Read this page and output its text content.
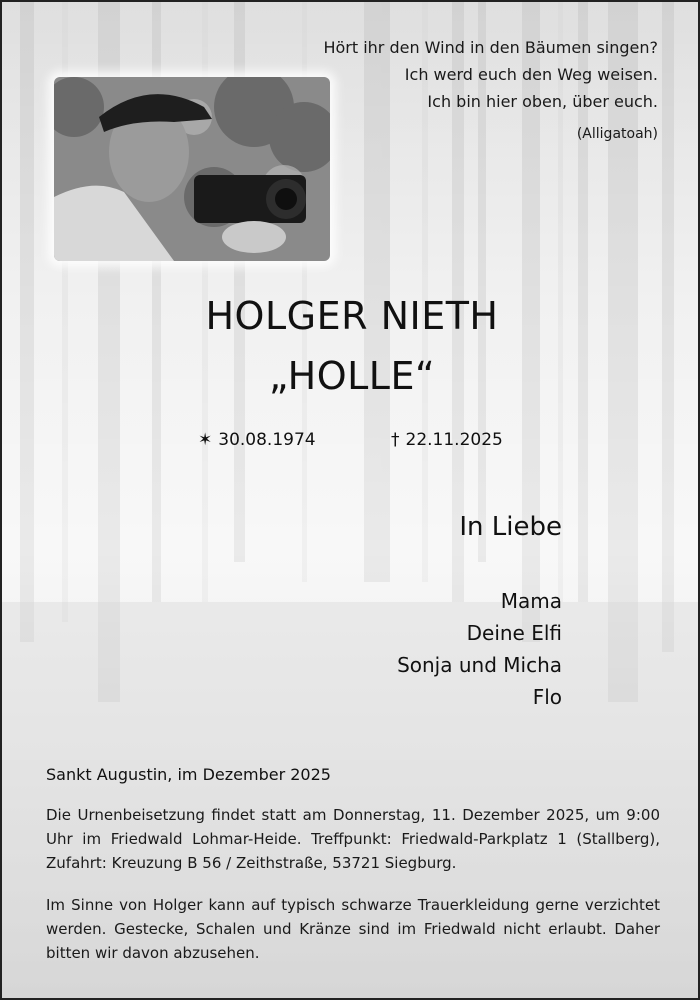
Hört ihr den Wind in den Bäumen singen?
Ich werd euch den Weg weisen.
Ich bin hier oben, über euch.
(Alligatoah)
HOLGER NIETH
„HOLLE“
✶ 30.08.1974	† 22.11.2025
In Liebe
Mama
Deine Elfi
Sonja und Micha
Flo
Sankt Augustin, im Dezember 2025
Die Urnenbeisetzung findet statt am Donnerstag, 11. Dezember 2025, um 9:00 Uhr im Friedwald Lohmar-Heide. Treffpunkt: Friedwald-Parkplatz 1 (Stallberg), Zufahrt: Kreuzung B 56 / Zeithstraße, 53721 Siegburg.
Im Sinne von Holger kann auf typisch schwarze Trauerkleidung gerne verzichtet werden. Gestecke, Schalen und Kränze sind im Friedwald nicht erlaubt. Daher bitten wir davon abzusehen.
